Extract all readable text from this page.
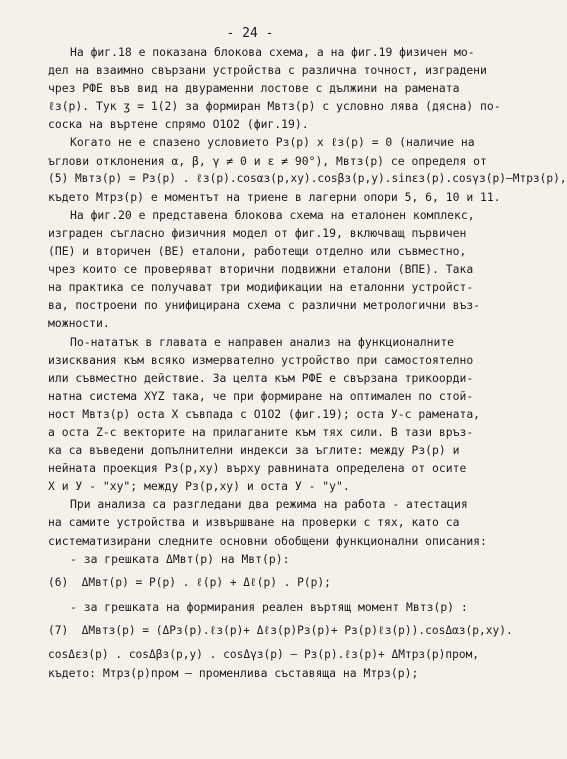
- 24 -
На фиг.18 е показана блокова схема, а на фиг.19 физичен мо-
дел на взаимно свързани устройства с различна точност, изградени
чрез РФЕ във вид на двураменни лостове с дължини на рамената
ℓз(р). Тук ʒ = 1(2) за формиран Mвтз(р) с условно лява (дясна) по-
соска на въртене спрямо O1O2 (фиг.19).
Когато не е спазено условието Pз(р) x ℓз(р) = 0 (наличие на
ъглови отклонения α, β, γ ≠ 0 и ε ≠ 90°), Mвтз(р) се определя от
(5) Mвтз(р) = Pз(р) . ℓз(р).cosαз(р,xy).cosβз(р,y).sinεз(р).cosγз(р)–Mтрз(р),
където Mтрз(р) е моментът на триене в лагерни опори 5, 6, 10 и 11.
На фиг.20 е представена блокова схема на еталонен комплекс,
изграден съгласно физичния модел от фиг.19, включващ първичен
(ПЕ) и вторичен (ВЕ) еталони, работещи отделно или съвместно,
чрез които се проверяват вторични подвижни еталони (ВПЕ). Така
на практика се получават три модификации на еталонни устройст-
ва, построени по унифицирана схема с различни метрологични въз-
можности.
По-нататък в главата е направен анализ на функционалните
изисквания към всяко измервателно устройство при самостоятелно
или съвместно действие. За целта към РФЕ е свързана трикоорди-
натна система XYZ така, че при формиране на оптимален по стой-
ност Mвтз(р) оста X съвпада с O1O2 (фиг.19); оста У-с рамената,
а оста Z-с векторите на прилаганите към тях сили. В тази връз-
ка са въведени допълнителни индекси за ъглите: между Pз(р) и
нейната проекция Pз(р,xy) върху равнината определена от осите
X и У - "xy"; между Pз(р,xy) и оста У - "y".
При анализа са разгледани два режима на работа - атестация
на самите устройства и извършване на проверки с тях, като са
систематизирани следните основни обобщени функционални описания:
- за грешката ΔMвт(р) на Mвт(р):
(6)  ΔMвт(р) = P(р) . ℓ(р) + Δℓ(р) . P(р);
- за грешката на формирания реален въртящ момент Mвтз(р) :
(7)  ΔMвтз(р) = (ΔPз(р).ℓз(р)+ Δℓз(р)Pз(р)+ Pз(р)ℓз(р)).cosΔαз(р,xy).
cosΔεз(р) . cosΔβз(р,y) . cosΔγз(р) – Pз(р).ℓз(р)+ ΔMтрз(р)пром,
където: Mтрз(р)пром – променлива съставяща на Mтрз(р);
